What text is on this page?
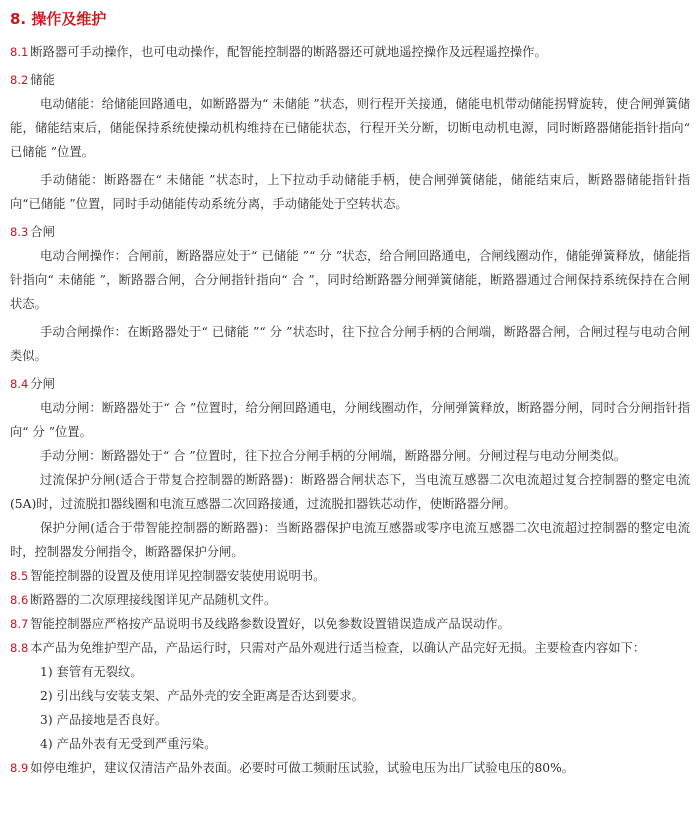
8. 操作及维护
8.1 断路器可手动操作，也可电动操作，配智能控制器的断路器还可就地遥控操作及远程遥控操作。
8.2 储能
电动储能：给储能回路通电，如断路器为“ 未储能 ”状态，则行程开关接通，储能电机带动储能拐臂旋转，使合闸弹簧储能，储能结束后，储能保持系统使操动机构维持在已储能状态，行程开关分断，切断电动机电源，同时断路器储能指针指向“ 已储能 ”位置。
手动储能：断路器在“ 未储能 ”状态时，上下拉动手动储能手柄，使合闸弹簧储能，储能结束后，断路器储能指针指向“已储能 ”位置，同时手动储能传动系统分离，手动储能处于空转状态。
8.3 合闸
电动合闸操作：合闸前，断路器应处于“ 已储能 ”“ 分 ”状态，给合闸回路通电，合闸线圈动作，储能弹簧释放，储能指针指向“ 未储能 ”，断路器合闸，合分闸指针指向“ 合 ”，同时给断路器分闸弹簧储能，断路器通过合闸保持系统保持在合闸状态。
手动合闸操作：在断路器处于“ 已储能 ”“ 分 ”状态时，往下拉合分闸手柄的合闸端，断路器合闸，合闸过程与电动合闸类似。
8.4 分闸
电动分闸：断路器处于“ 合 ”位置时，给分闸回路通电，分闸线圈动作，分闸弹簧释放，断路器分闸，同时合分闸指针指向“ 分 ”位置。
手动分闸：断路器处于“ 合 ”位置时，往下拉合分闸手柄的分闸端，断路器分闸。分闸过程与电动分闸类似。
过流保护分闸(适合于带复合控制器的断路器)：断路器合闸状态下，当电流互感器二次电流超过复合控制器的整定电流(5A)时，过流脱扣器线圈和电流互感器二次回路接通，过流脱扣器铁芯动作，使断路器分闸。
保护分闸(适合于带智能控制器的断路器)：当断路器保护电流互感器或零序电流互感器二次电流超过控制器的整定电流时，控制器发分闸指令，断路器保护分闸。
8.5 智能控制器的设置及使用详见控制器安装使用说明书。
8.6 断路器的二次原理接线图详见产品随机文件。
8.7 智能控制器应严格按产品说明书及线路参数设置好，以免参数设置错误造成产品误动作。
8.8 本产品为免维护型产品，产品运行时，只需对产品外观进行适当检查，以确认产品完好无损。主要检查内容如下：
1) 套管有无裂纹。
2) 引出线与安装支架、产品外壳的安全距离是否达到要求。
3) 产品接地是否良好。
4) 产品外表有无受到严重污染。
8.9 如停电维护，建议仅清洁产品外表面。必要时可做工频耐压试验，试验电压为出厂试验电压的80%。
